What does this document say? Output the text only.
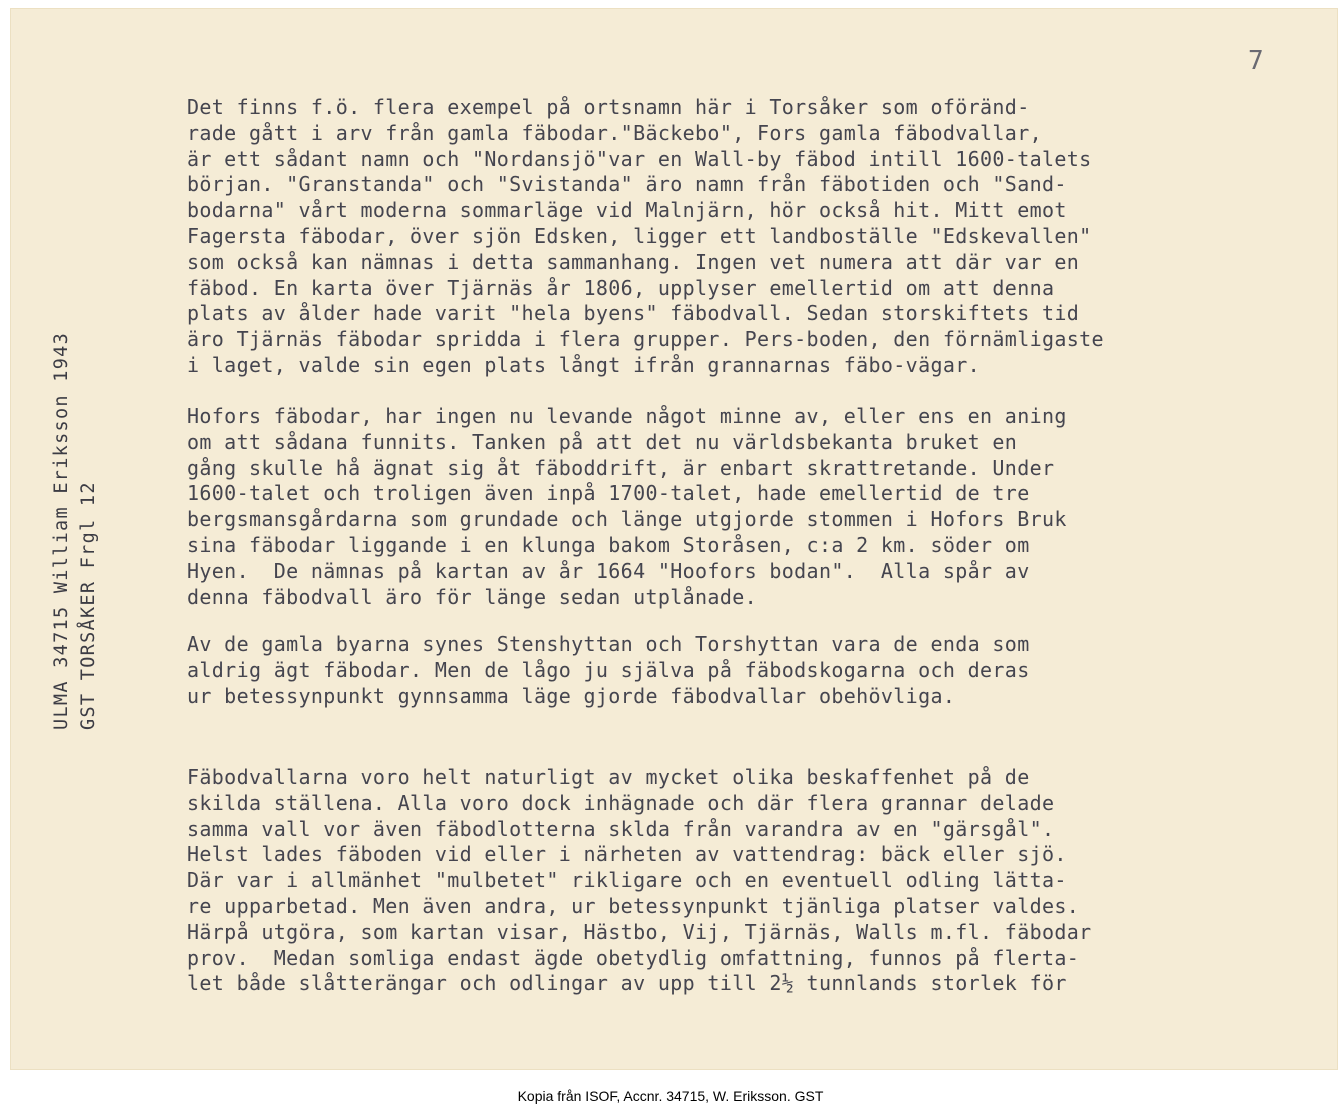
7
ULMA 34715 William Eriksson 1943 GST TORSÅKER Frgl 12
Det finns f.ö. flera exempel på ortsnamn här i Torsåker som oföränd-
rade gått i arv från gamla fäbodar."Bäckebo", Fors gamla fäbodvallar,
är ett sådant namn och "Nordansjö"var en Wall-by fäbod intill 1600-talets
början. "Granstanda" och "Svistanda" äro namn från fäbotiden och "Sand-
bodarna" vårt moderna sommarläge vid Malnjärn, hör också hit. Mitt emot
Fagersta fäbodar, över sjön Edsken, ligger ett landboställe "Edskevallen"
som också kan nämnas i detta sammanhang. Ingen vet numera att där var en
fäbod. En karta över Tjärnäs år 1806, upplyser emellertid om att denna
plats av ålder hade varit "hela byens" fäbodvall. Sedan storskiftets tid
äro Tjärnäs fäbodar spridda i flera grupper. Pers-boden, den förnämligaste
i laget, valde sin egen plats långt ifrån grannarnas fäbo-vägar.
Hofors fäbodar, har ingen nu levande något minne av, eller ens en aning
om att sådana funnits. Tanken på att det nu världsbekanta bruket en
gång skulle hå ägnat sig åt fäboddrift, är enbart skrattretande. Under
1600-talet och troligen även inpå 1700-talet, hade emellertid de tre
bergsmansgårdarna som grundade och länge utgjorde stommen i Hofors Bruk
sina fäbodar liggande i en klunga bakom Storåsen, c:a 2 km. söder om
Hyen.  De nämnas på kartan av år 1664 "Hoofors bodan".  Alla spår av
denna fäbodvall äro för länge sedan utplånade.
Av de gamla byarna synes Stenshyttan och Torshyttan vara de enda som
aldrig ägt fäbodar. Men de lågo ju själva på fäbodskogarna och deras
ur betessynpunkt gynnsamma läge gjorde fäbodvallar obehövliga.
Fäbodvallarna voro helt naturligt av mycket olika beskaffenhet på de
skilda ställena. Alla voro dock inhägnade och där flera grannar delade
samma vall vor även fäbodlotterna sklda från varandra av en "gärsgål".
Helst lades fäboden vid eller i närheten av vattendrag: bäck eller sjö.
Där var i allmänhet "mulbetet" rikligare och en eventuell odling lätta-
re upparbetad. Men även andra, ur betessynpunkt tjänliga platser valdes.
Härpå utgöra, som kartan visar, Hästbo, Vij, Tjärnäs, Walls m.fl. fäbodar
prov.  Medan somliga endast ägde obetydlig omfattning, funnos på flerta-
let både slåtterängar och odlingar av upp till 2½ tunnlands storlek för
Kopia från ISOF, Accnr. 34715, W. Eriksson. GST
